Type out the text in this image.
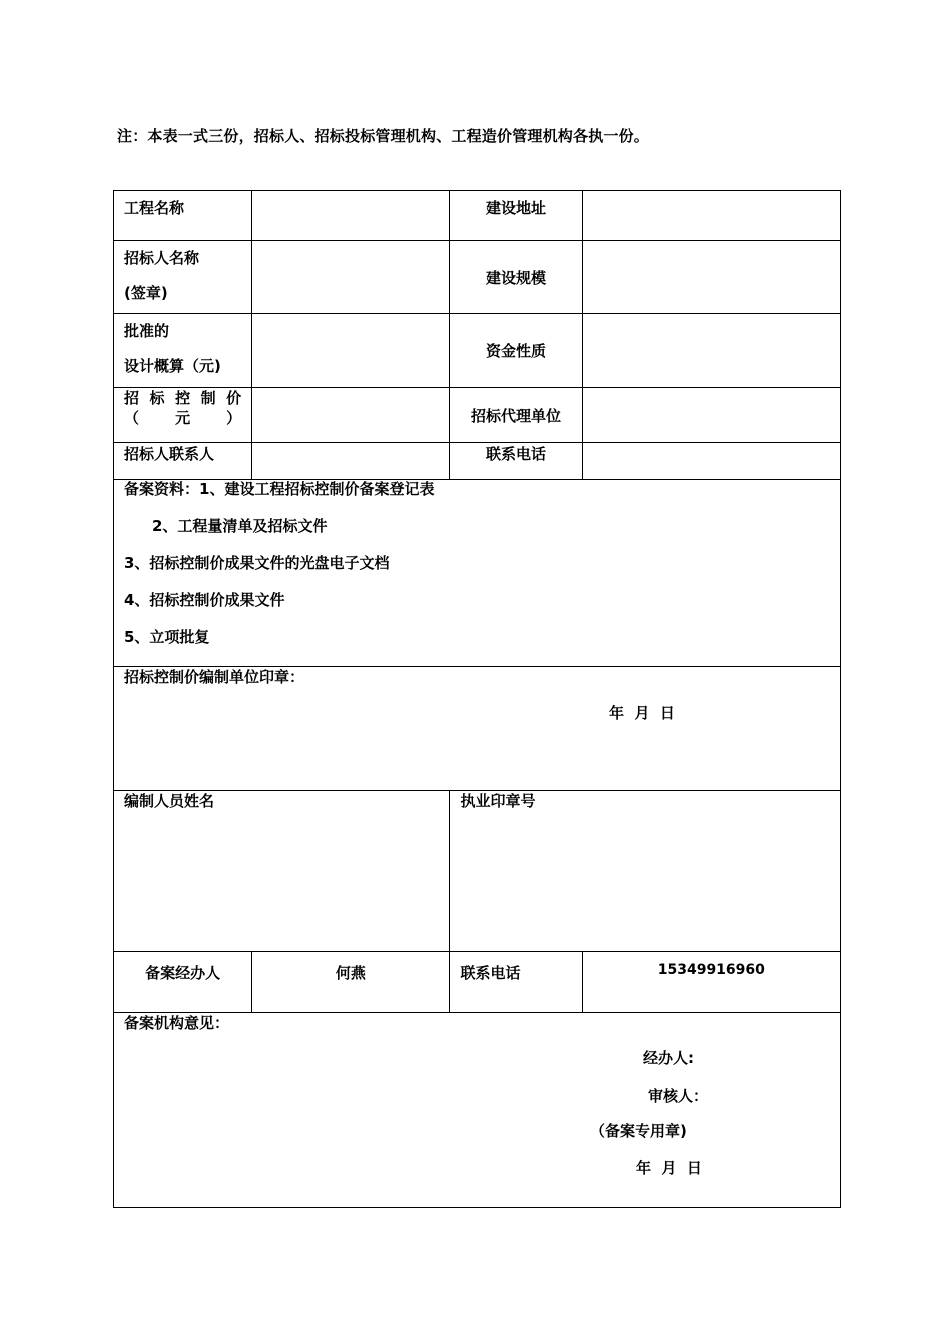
注：本表一式三份，招标人、招标投标管理机构、工程造价管理机构各执一份。
工程名称		建设地址	

招标人名称
(签章)		建设规模	

批准的
设计概算（元)		资金性质	
招 标 控 制 价（元）		招标代理单位	
招标人联系人		联系电话	

备案资料：1、建设工程招标控制价备案登记表
2、工程量清单及招标文件
3、招标控制价成果文件的光盘电子文档
4、招标控制价成果文件
5、立项批复			

招标控制价编制单位印章：
年  月  日			

编制人员姓名		执业印章号	
备案经办人	何燕	联系电话	15349916960

备案机构意见：
经办人:
审核人：
（备案专用章)
年  月  日			
